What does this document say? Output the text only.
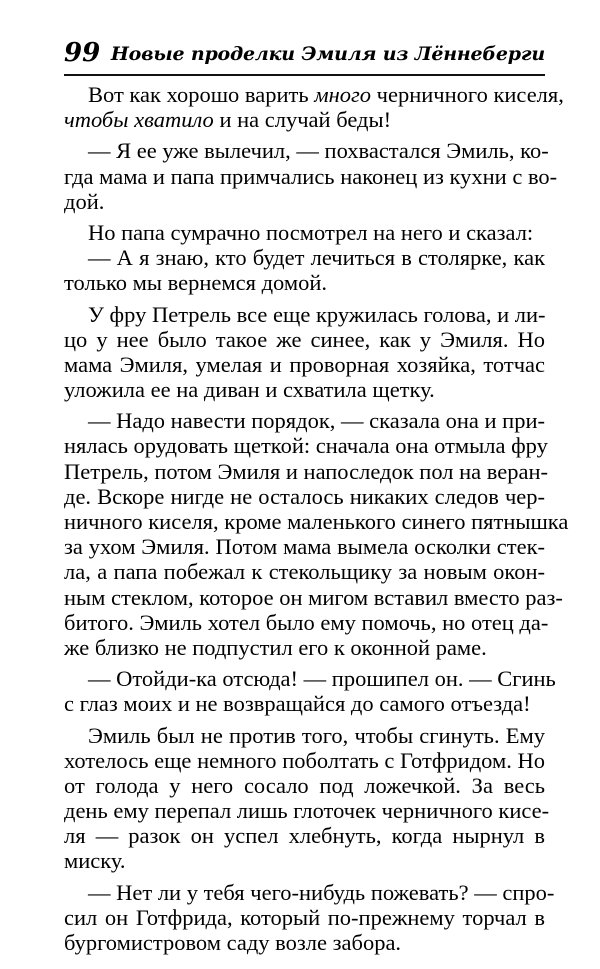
99 Новые проделки Эмиля из Лённеберги
Вот как хорошо варить много черничного киселя,
чтобы хватило и на случай беды!
— Я ее уже вылечил, — похвастался Эмиль, ко-
гда мама и папа примчались наконец из кухни с во-
дой.
Но папа сумрачно посмотрел на него и сказал:
— А я знаю, кто будет лечиться в столярке, как
только мы вернемся домой.
У фру Петрель все еще кружилась голова, и ли-
цо у нее было такое же синее, как у Эмиля. Но
мама Эмиля, умелая и проворная хозяйка, тотчас
уложила ее на диван и схватила щетку.
— Надо навести порядок, — сказала она и при-
нялась орудовать щеткой: сначала она отмыла фру
Петрель, потом Эмиля и напоследок пол на веран-
де. Вскоре нигде не осталось никаких следов чер-
ничного киселя, кроме маленького синего пятнышка
за ухом Эмиля. Потом мама вымела осколки стек-
ла, а папа побежал к стекольщику за новым окон-
ным стеклом, которое он мигом вставил вместо раз-
битого. Эмиль хотел было ему помочь, но отец да-
же близко не подпустил его к оконной раме.
— Отойди-ка отсюда! — прошипел он. — Сгинь
с глаз моих и не возвращайся до самого отъезда!
Эмиль был не против того, чтобы сгинуть. Ему
хотелось еще немного поболтать с Готфридом. Но
от голода у него сосало под ложечкой. За весь
день ему перепал лишь глоточек черничного кисе-
ля — разок он успел хлебнуть, когда нырнул в
миску.
— Нет ли у тебя чего-нибудь пожевать? — спро-
сил он Готфрида, который по-прежнему торчал в
бургомистровом саду возле забора.
